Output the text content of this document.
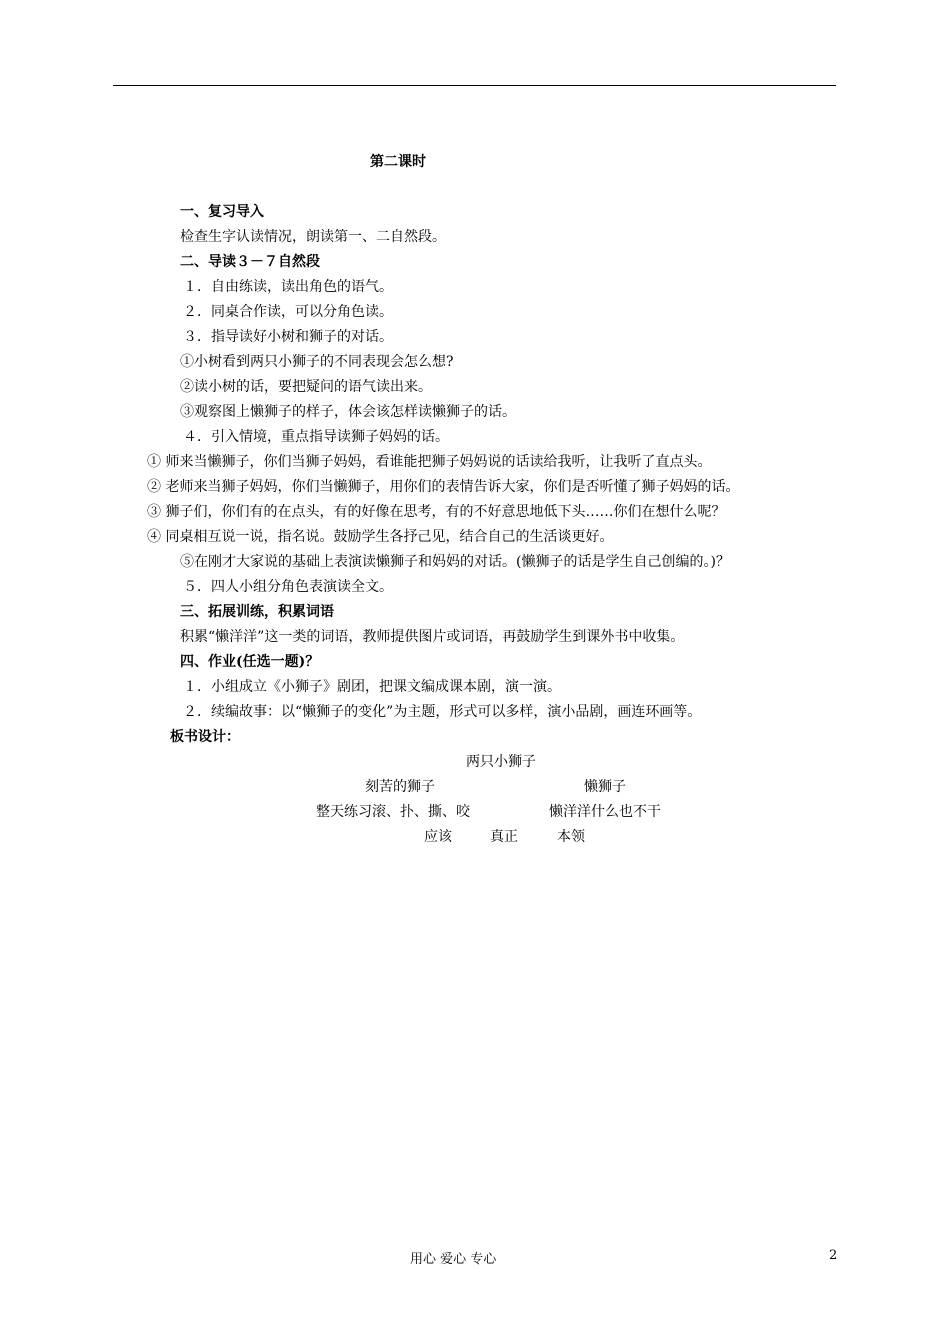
第二课时
一、复习导入
检查生字认读情况，朗读第一、二自然段。
二、导读３－７自然段
１．自由练读，读出角色的语气。
２．同桌合作读，可以分角色读。
３．指导读好小树和狮子的对话。
①小树看到两只小狮子的不同表现会怎么想?
②读小树的话，要把疑问的语气读出来。
③观察图上懒狮子的样子，体会该怎样读懒狮子的话。
４．引入情境，重点指导读狮子妈妈的话。
① 师来当懒狮子，你们当狮子妈妈，看谁能把狮子妈妈说的话读给我听，让我听了直点头。
② 老师来当狮子妈妈，你们当懒狮子，用你们的表情告诉大家，你们是否听懂了狮子妈妈的话。
③ 狮子们，你们有的在点头，有的好像在思考，有的不好意思地低下头……你们在想什么呢？
④ 同桌相互说一说，指名说。鼓励学生各抒己见，结合自己的生活谈更好。
⑤在刚才大家说的基础上表演读懒狮子和妈妈的对话。(懒狮子的话是学生自己创编的。)？
５．四人小组分角色表演读全文。
三、拓展训练，积累词语
积累“懒洋洋”这一类的词语，教师提供图片或词语，再鼓励学生到课外书中收集。
四、作业(任选一题)？
１．小组成立《小狮子》剧团，把课文编成课本剧，演一演。
２．续编故事：以“懒狮子的变化”为主题，形式可以多样，演小品剧，画连环画等。
板书设计：
两只小狮子
刻苦的狮子	懒狮子
整天练习滚、扑、撕、咬	懒洋洋什么也不干
应该	真正	本领
用心 爱心 专心	2
